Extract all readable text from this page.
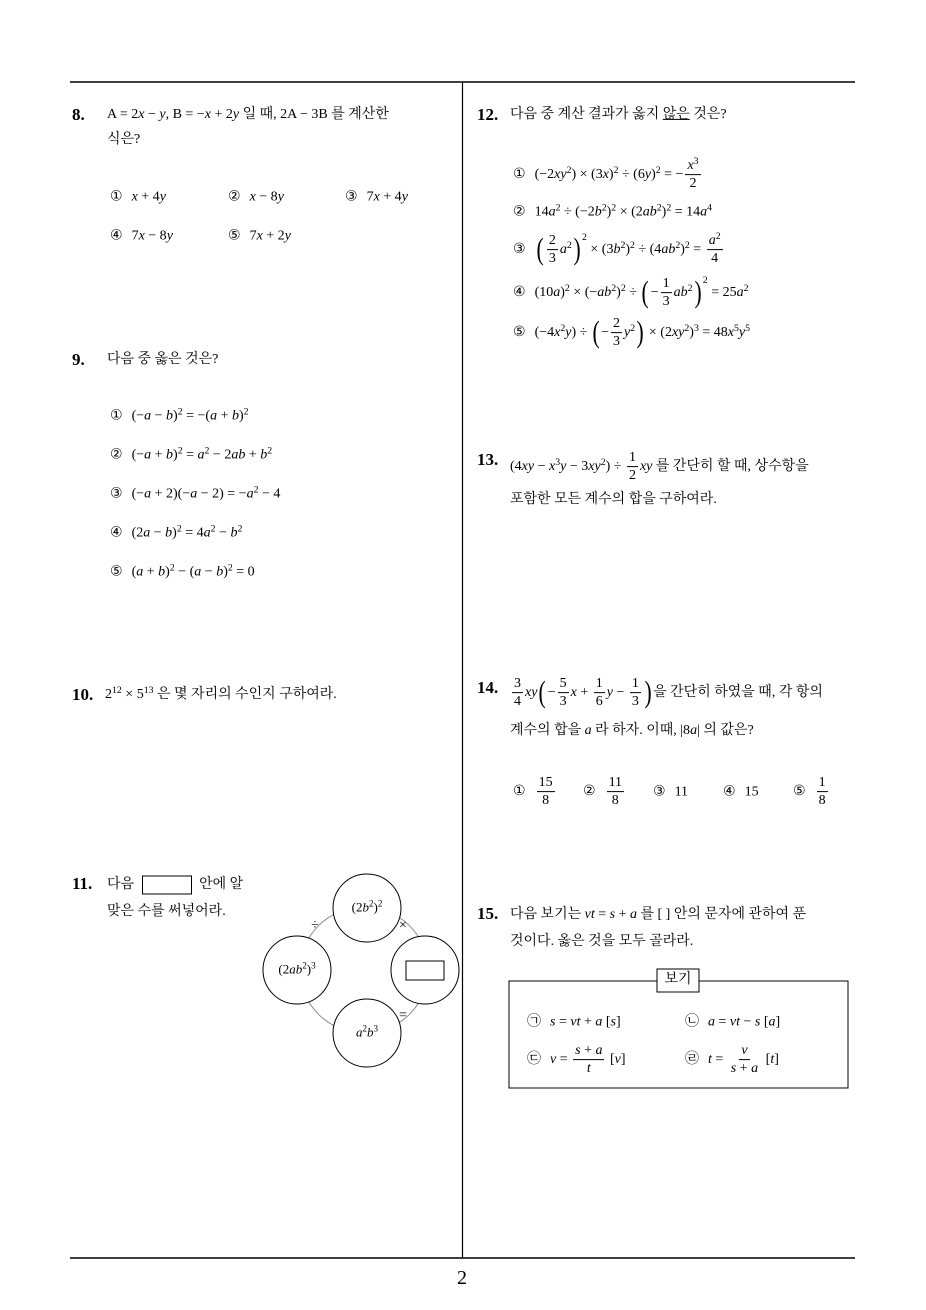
8. A = 2x − y, B = −x + 2y 일 때, 2A − 3B 를 계산한
식은?
① x + 4y	② x − 8y	③ 7x + 4y
④ 7x − 8y	⑤ 7x + 2y
9. 다음 중 옳은 것은?
① $(-a - b)^2 = -(a + b)^2$
② $(-a + b)^2 = a^2 - 2ab + b^2$
③ $(-a + 2)(-a - 2) = -a^2 - 4$
④ $(2a - b)^2 = 4a^2 - b^2$
⑤ $(a + b)^2 - (a - b)^2 = 0$
10. $2^{12} \times 5^{13}$ 은 몇 자리의 수인지 구하여라.
11. 다음	안에 알
맞은 수를 써넣어라.	$(2b^2)^2$
$(2ab^2)^3$
$a^2b^3$
÷	×
=
12. 다음 중 계산 결과가 옳지 않은 것은?
① $(-2xy^2) \times (3x)^2 \div (6y)^2$ = − $\frac{x^3}{2}$
② $14a^2 \div (-2b^2)^2 \times (2ab^2)^2 = 14a^4$
③ ( $\frac{2}{3} a^2$ ) $^2 \times (3b^2)^2 \div (4ab^2)^2 = \frac{a^2}{4}$
④ $(10a)^2 \times (-ab^2)^2$ ÷ ( − $\frac{1}{3} ab^2$ ) $^2 = 25a^2$
⑤ $(-4x^2y)$ ÷ ( − $\frac{2}{3} y^2$ ) × $(2xy^2)^3 = 48x^5y^5$
13. $(4xy - x^3y - 3xy^2) \div \frac{1}{2}$ xy 를 간단히 할 때, 상수항을
포함한 모든 계수의 합을 구하여라.
14. $\frac{3}{4}$ xy ( − $\frac{5}{3}$ $x + \frac{1}{6}$ $y - \frac{1}{3}$ ) 을 간단히 하였을 때, 각 항의
계수의 합을 a 라 하자. 이때, |8a| 의 값은?
① $\frac{15}{8}$ ② $\frac{11}{8}$ ③ 11 ④ 15 ⑤ $\frac{1}{8}$
15. 다음 보기는 vt = s + a 를 [ ] 안의 문자에 관하여 푼
것이다. 옳은 것을 모두 골라라.
보기
㉠ s = vt + a [s]	㉡ a = vt − s [a]
㉢ $v = \frac{s + a}{t} [v]$	㉣ $t = \frac{v}{s + a} [t]$
2
